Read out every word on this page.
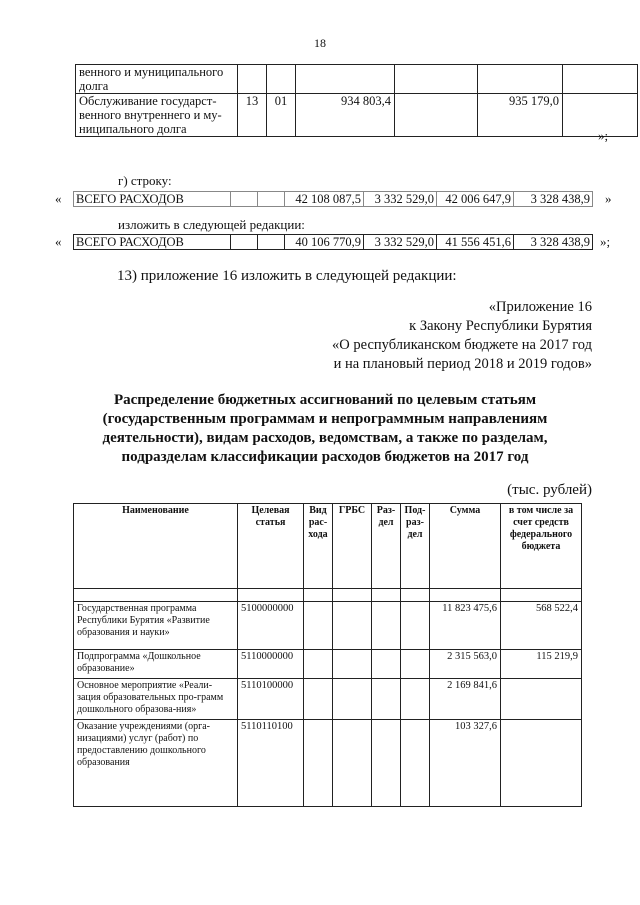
18
венного и муниципального долга						
Обслуживание государст-венного внутреннего и му-ниципального долга	13	01	934 803,4		935 179,0	
»;
г) строку:
« ВСЕГО РАСХОДОВ			42 108 087,5	3 332 529,0	42 006 647,9	3 328 438,9 »
изложить в следующей редакции:
« ВСЕГО РАСХОДОВ			40 106 770,9	3 332 529,0	41 556 451,6	3 328 438,9 »;
13) приложение 16 изложить в следующей редакции:
«Приложение 16
к Закону Республики Бурятия
«О республиканском бюджете на 2017 год
и на плановый период 2018 и 2019 годов»
Распределение бюджетных ассигнований по целевым статьям
(государственным программам и непрограммным направлениям
деятельности), видам расходов, ведомствам, а также по разделам,
подразделам классификации расходов бюджетов на 2017 год
(тыс. рублей)
Наименование	Целевая статья	Вид рас-хода	ГРБС	Раз-дел	Под-раз-дел	Сумма	в том числе за счет средств федерального бюджета

Государственная программа Республики Бурятия «Развитие образования и науки»	5100000000					11 823 475,6	568 522,4
Подпрограмма «Дошкольное образование»	5110000000					2 315 563,0	115 219,9
Основное мероприятие «Реали-зация образовательных про-грамм дошкольного образова-ния»	5110100000					2 169 841,6	
Оказание учреждениями (орга-низациями) услуг (работ) по предоставлению дошкольного образования	5110110100					103 327,6	
